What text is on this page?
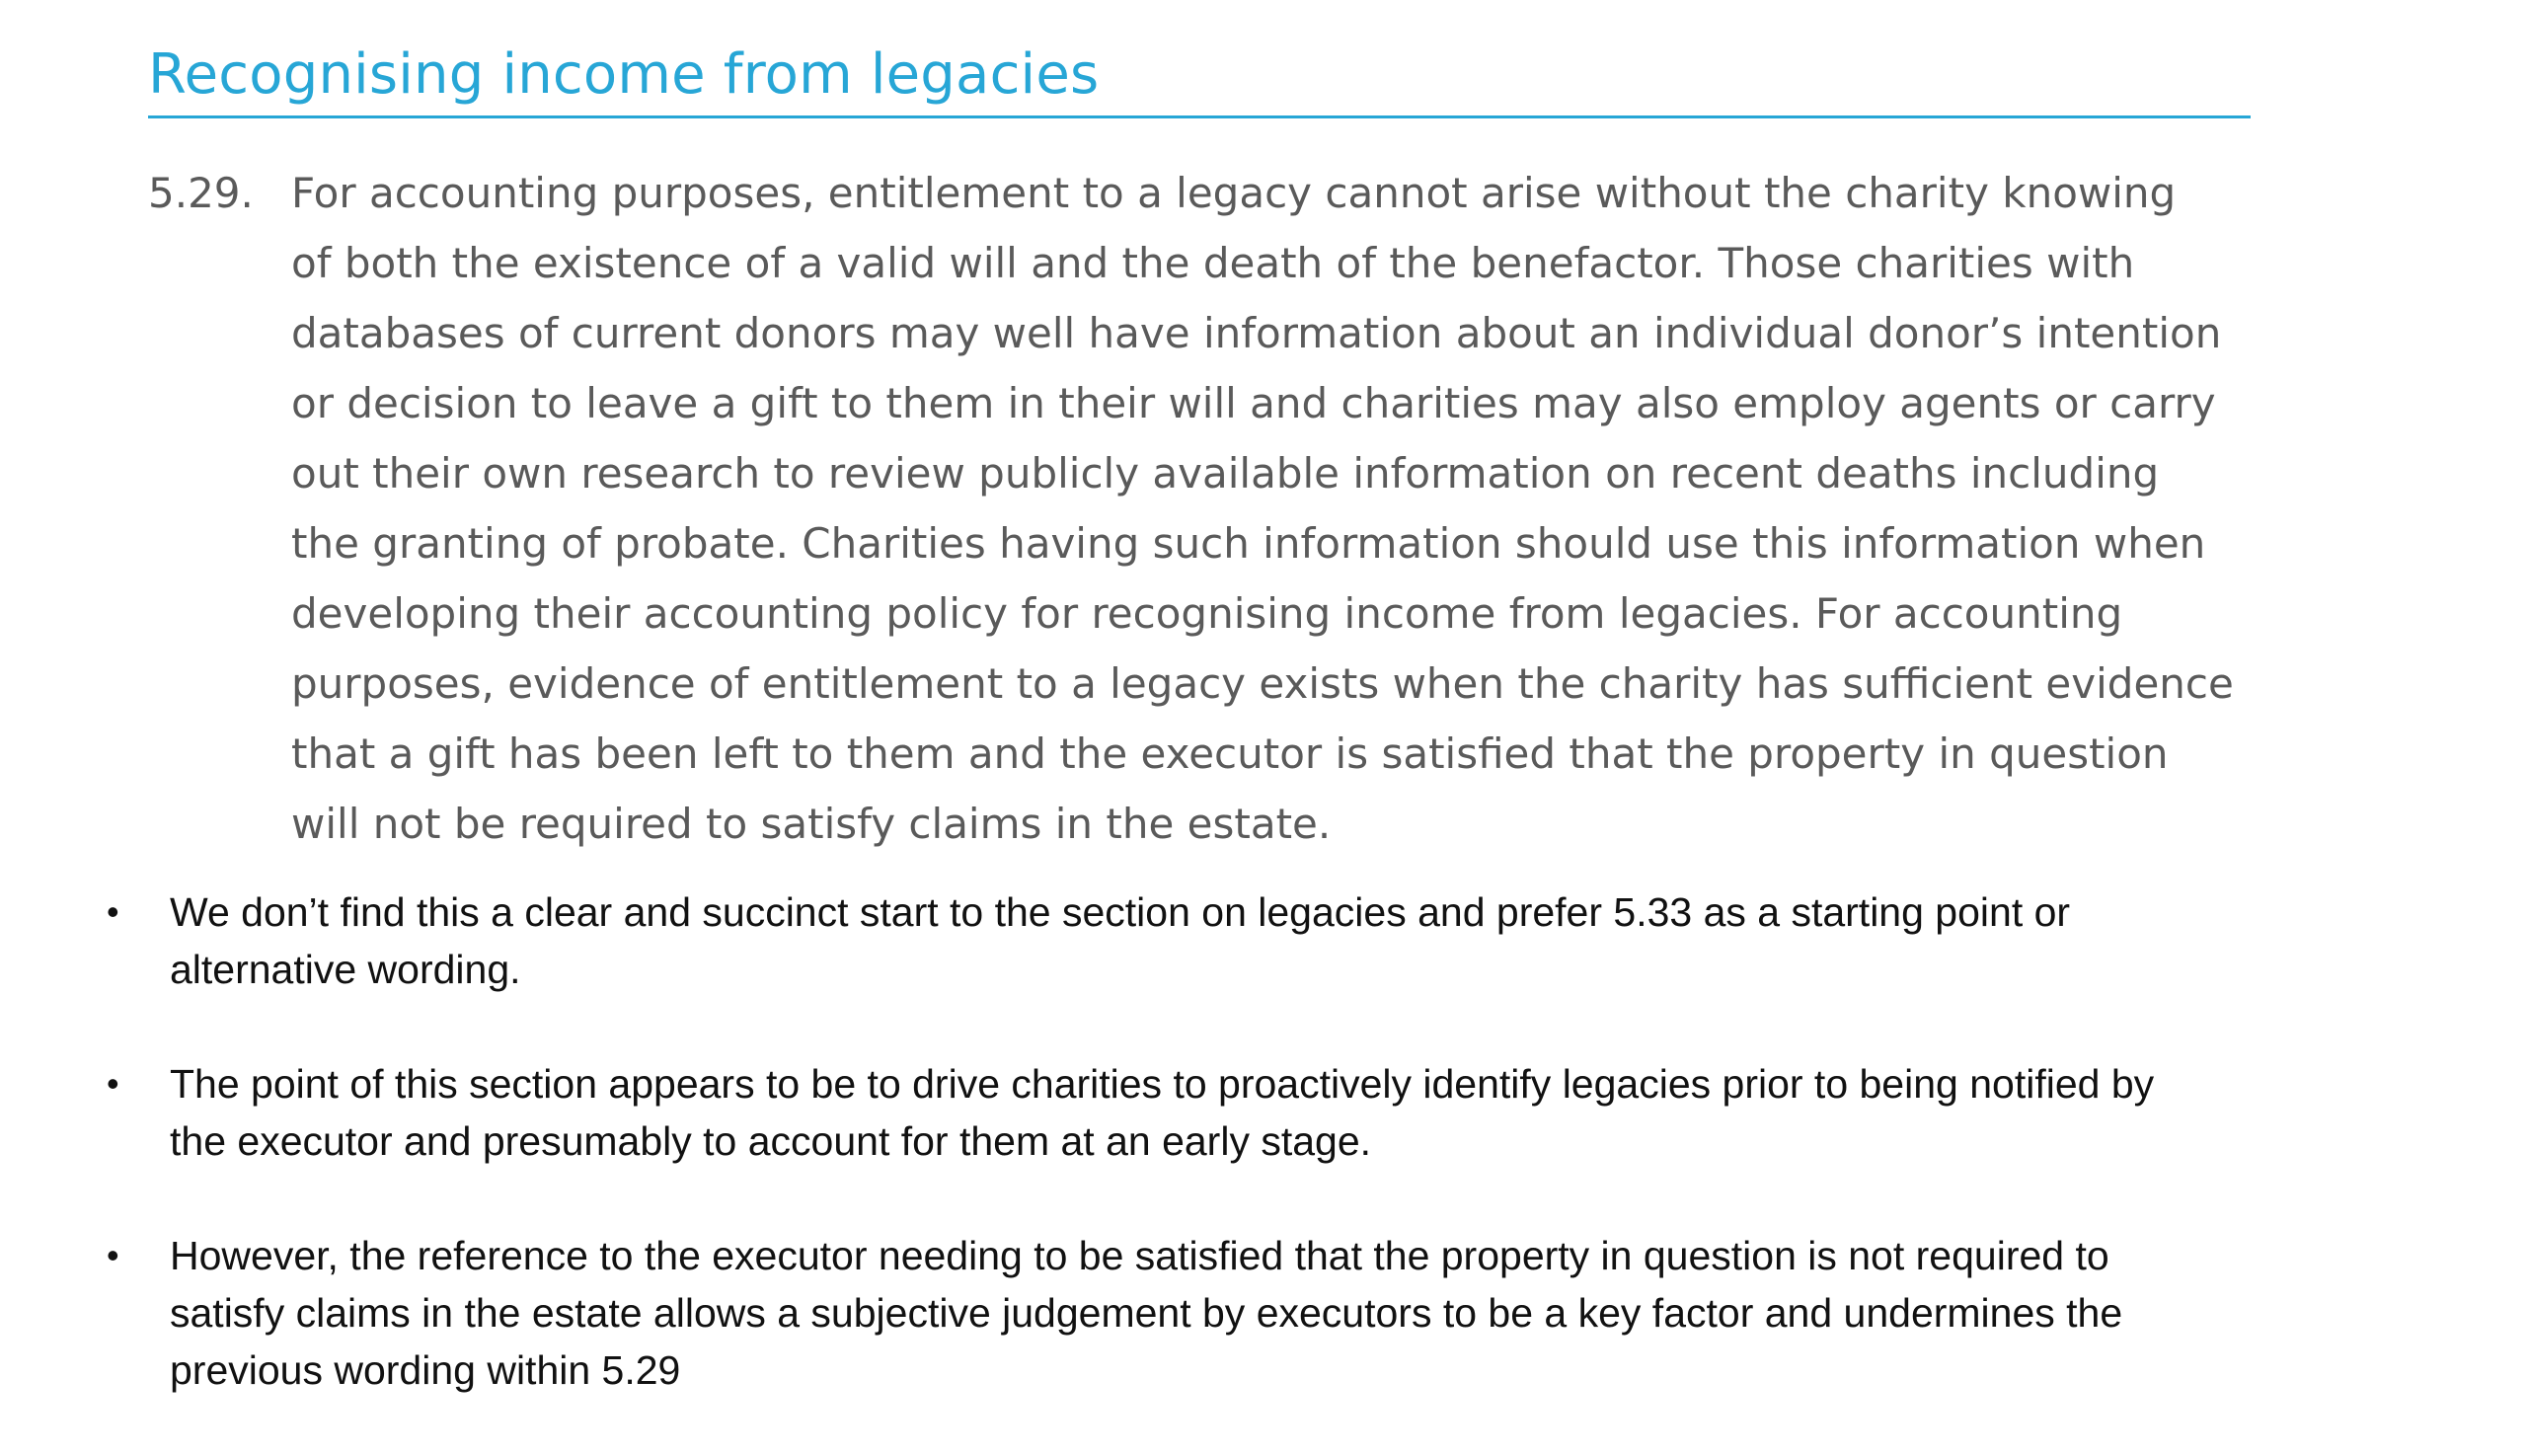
Recognising income from legacies
5.29. For accounting purposes, entitlement to a legacy cannot arise without the charity knowing
of both the existence of a valid will and the death of the benefactor. Those charities with
databases of current donors may well have information about an individual donor’s intention
or decision to leave a gift to them in their will and charities may also employ agents or carry
out their own research to review publicly available information on recent deaths including
the granting of probate. Charities having such information should use this information when
developing their accounting policy for recognising income from legacies. For accounting
purposes, evidence of entitlement to a legacy exists when the charity has sufficient evidence
that a gift has been left to them and the executor is satisfied that the property in question
will not be required to satisfy claims in the estate.

•	We don’t find this a clear and succinct start to the section on legacies and prefer 5.33 as a starting point or
alternative wording.
•	The point of this section appears to be to drive charities to proactively identify legacies prior to being notified by
the executor and presumably to account for them at an early stage.
•	However, the reference to the executor needing to be satisfied that the property in question is not required to
satisfy claims in the estate allows a subjective judgement by executors to be a key factor and undermines the
previous wording within 5.29
